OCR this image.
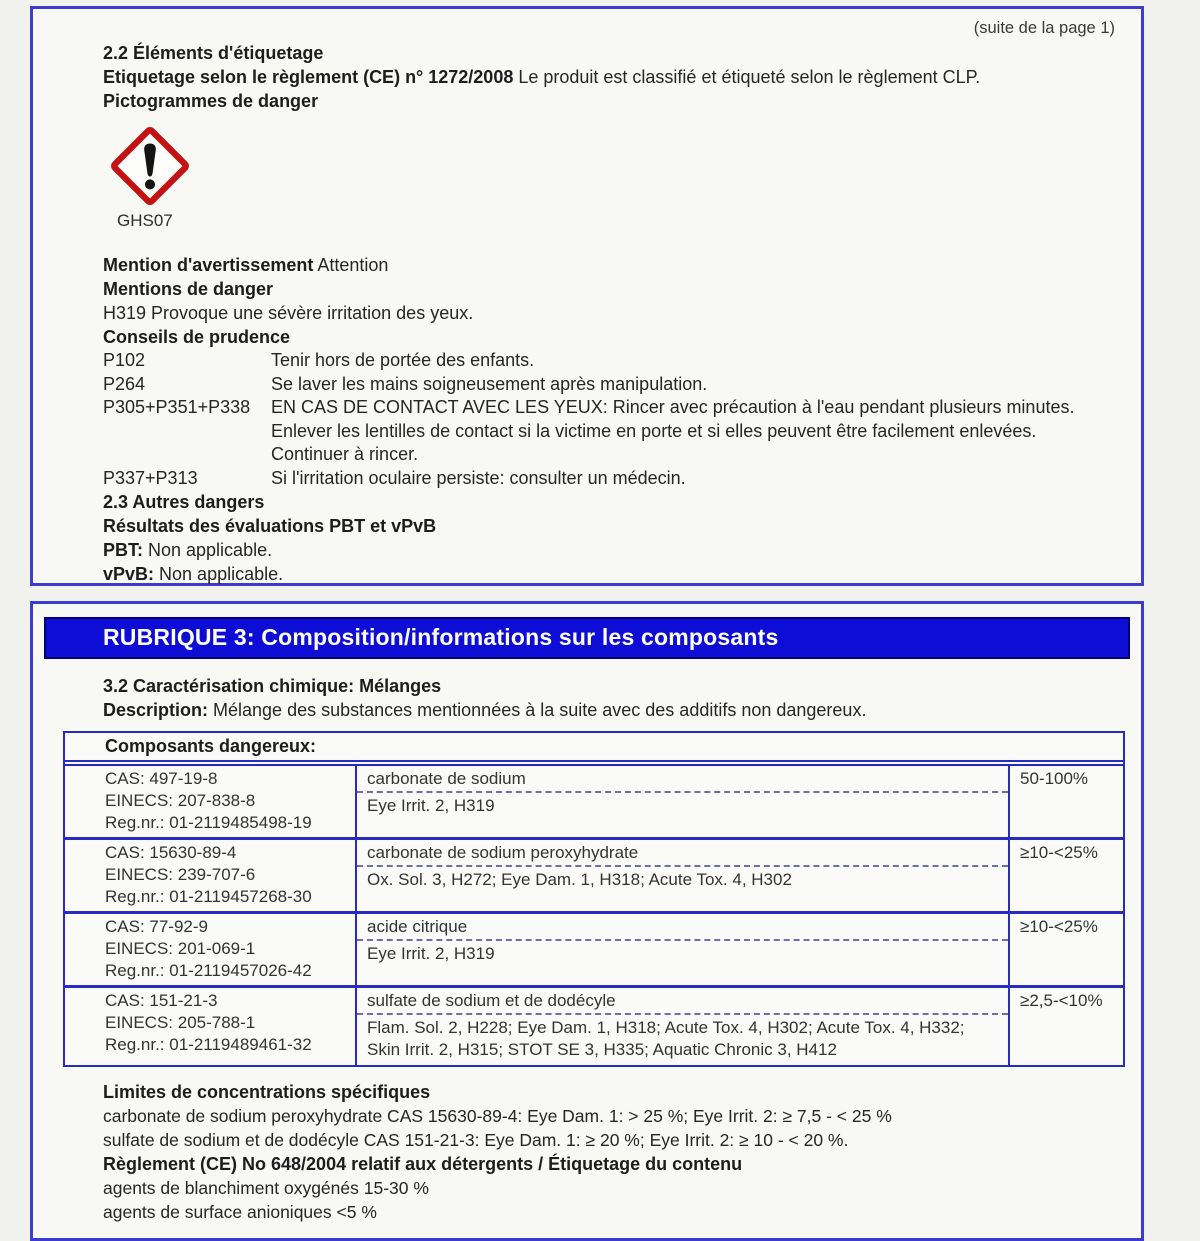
(suite de la page 1)
2.2 Éléments d'étiquetage
Etiquetage selon le règlement (CE) n° 1272/2008 Le produit est classifié et étiqueté selon le règlement CLP.
Pictogrammes de danger
GHS07
Mention d'avertissement Attention
Mentions de danger
H319 Provoque une sévère irritation des yeux.
Conseils de prudence
P102	Tenir hors de portée des enfants.
P264	Se laver les mains soigneusement après manipulation.
P305+P351+P338	EN CAS DE CONTACT AVEC LES YEUX: Rincer avec précaution à l'eau pendant plusieurs minutes. Enlever les lentilles de contact si la victime en porte et si elles peuvent être facilement enlevées. Continuer à rincer.
P337+P313	Si l'irritation oculaire persiste: consulter un médecin.
2.3 Autres dangers
Résultats des évaluations PBT et vPvB
PBT: Non applicable.
vPvB: Non applicable.
RUBRIQUE 3: Composition/informations sur les composants
3.2 Caractérisation chimique: Mélanges
Description: Mélange des substances mentionnées à la suite avec des additifs non dangereux.
Composants dangereux:
CAS: 497-19-8
EINECS: 207-838-8
Reg.nr.: 01-2119485498-19
carbonate de sodium
Eye Irrit. 2, H319
50-100%
CAS: 15630-89-4
EINECS: 239-707-6
Reg.nr.: 01-2119457268-30
carbonate de sodium peroxyhydrate
Ox. Sol. 3, H272; Eye Dam. 1, H318; Acute Tox. 4, H302
≥10-<25%
CAS: 77-92-9
EINECS: 201-069-1
Reg.nr.: 01-2119457026-42
acide citrique
Eye Irrit. 2, H319
≥10-<25%
CAS: 151-21-3
EINECS: 205-788-1
Reg.nr.: 01-2119489461-32
sulfate de sodium et de dodécyle
Flam. Sol. 2, H228; Eye Dam. 1, H318; Acute Tox. 4, H302; Acute Tox. 4, H332; Skin Irrit. 2, H315; STOT SE 3, H335; Aquatic Chronic 3, H412
≥2,5-<10%
Limites de concentrations spécifiques
carbonate de sodium peroxyhydrate CAS 15630-89-4: Eye Dam. 1: > 25 %; Eye Irrit. 2: ≥ 7,5 - < 25 %
sulfate de sodium et de dodécyle CAS 151-21-3: Eye Dam. 1: ≥ 20 %; Eye Irrit. 2: ≥ 10 - < 20 %.
Règlement (CE) No 648/2004 relatif aux détergents / Étiquetage du contenu
agents de blanchiment oxygénés 15-30 %
agents de surface anioniques <5 %
